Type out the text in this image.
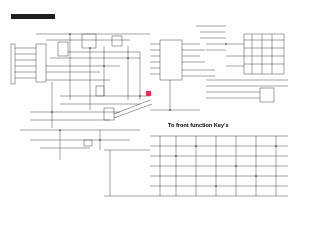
To front function Key's
